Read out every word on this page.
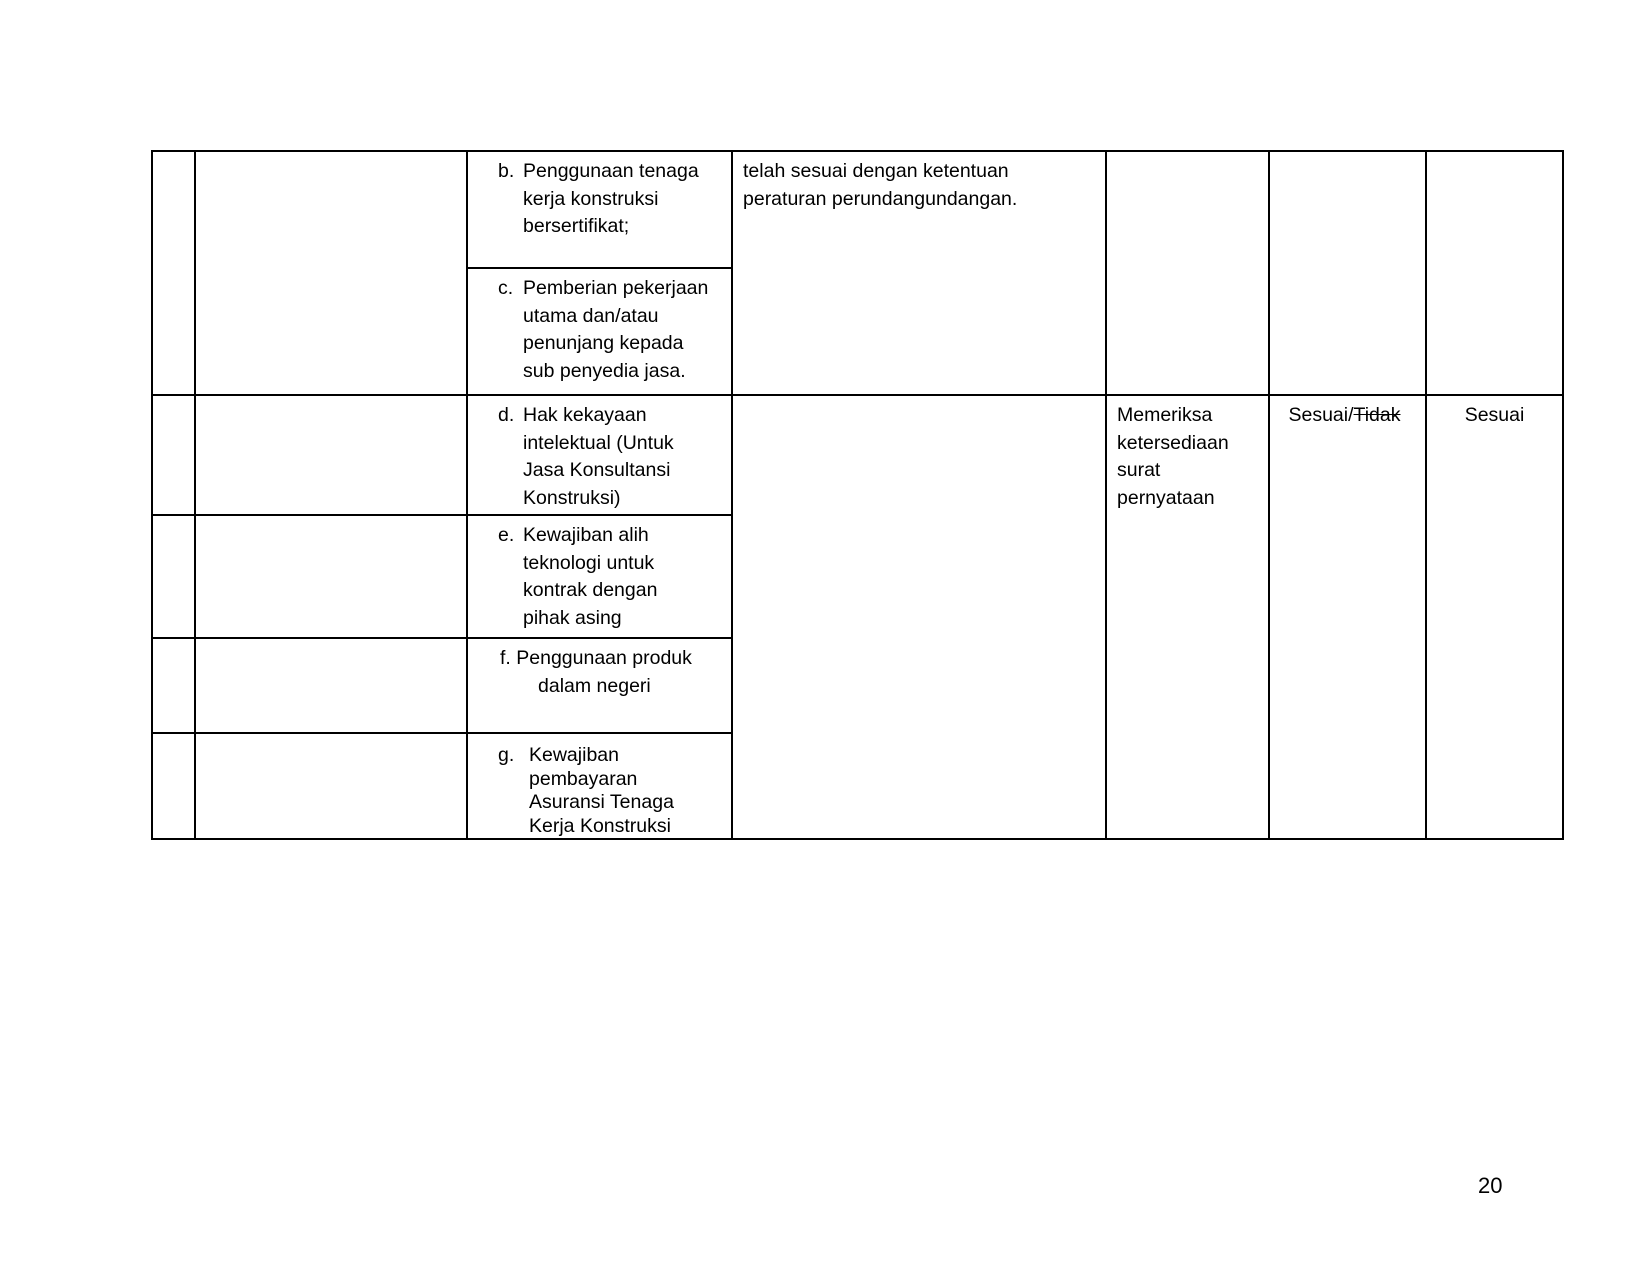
		b. Penggunaan tenaga
kerja konstruksi
bersertifikat;	telah sesuai dengan ketentuan
peraturan perundangundangan.			

		c. Pemberian pekerjaan
utama dan/atau
penunjang kepada
sub penyedia jasa.				

		d. Hak kekayaan
intelektual (Untuk
Jasa Konsultansi
Konstruksi)		Memeriksa
ketersediaan
surat
pernyataan	Sesuai/Tidak	Sesuai

		e. Kewajiban alih
teknologi untuk
kontrak dengan
pihak asing				

		f. Penggunaan produk
dalam negeri				

		g. Kewajiban
pembayaran
Asuransi Tenaga
Kerja Konstruksi				
20
